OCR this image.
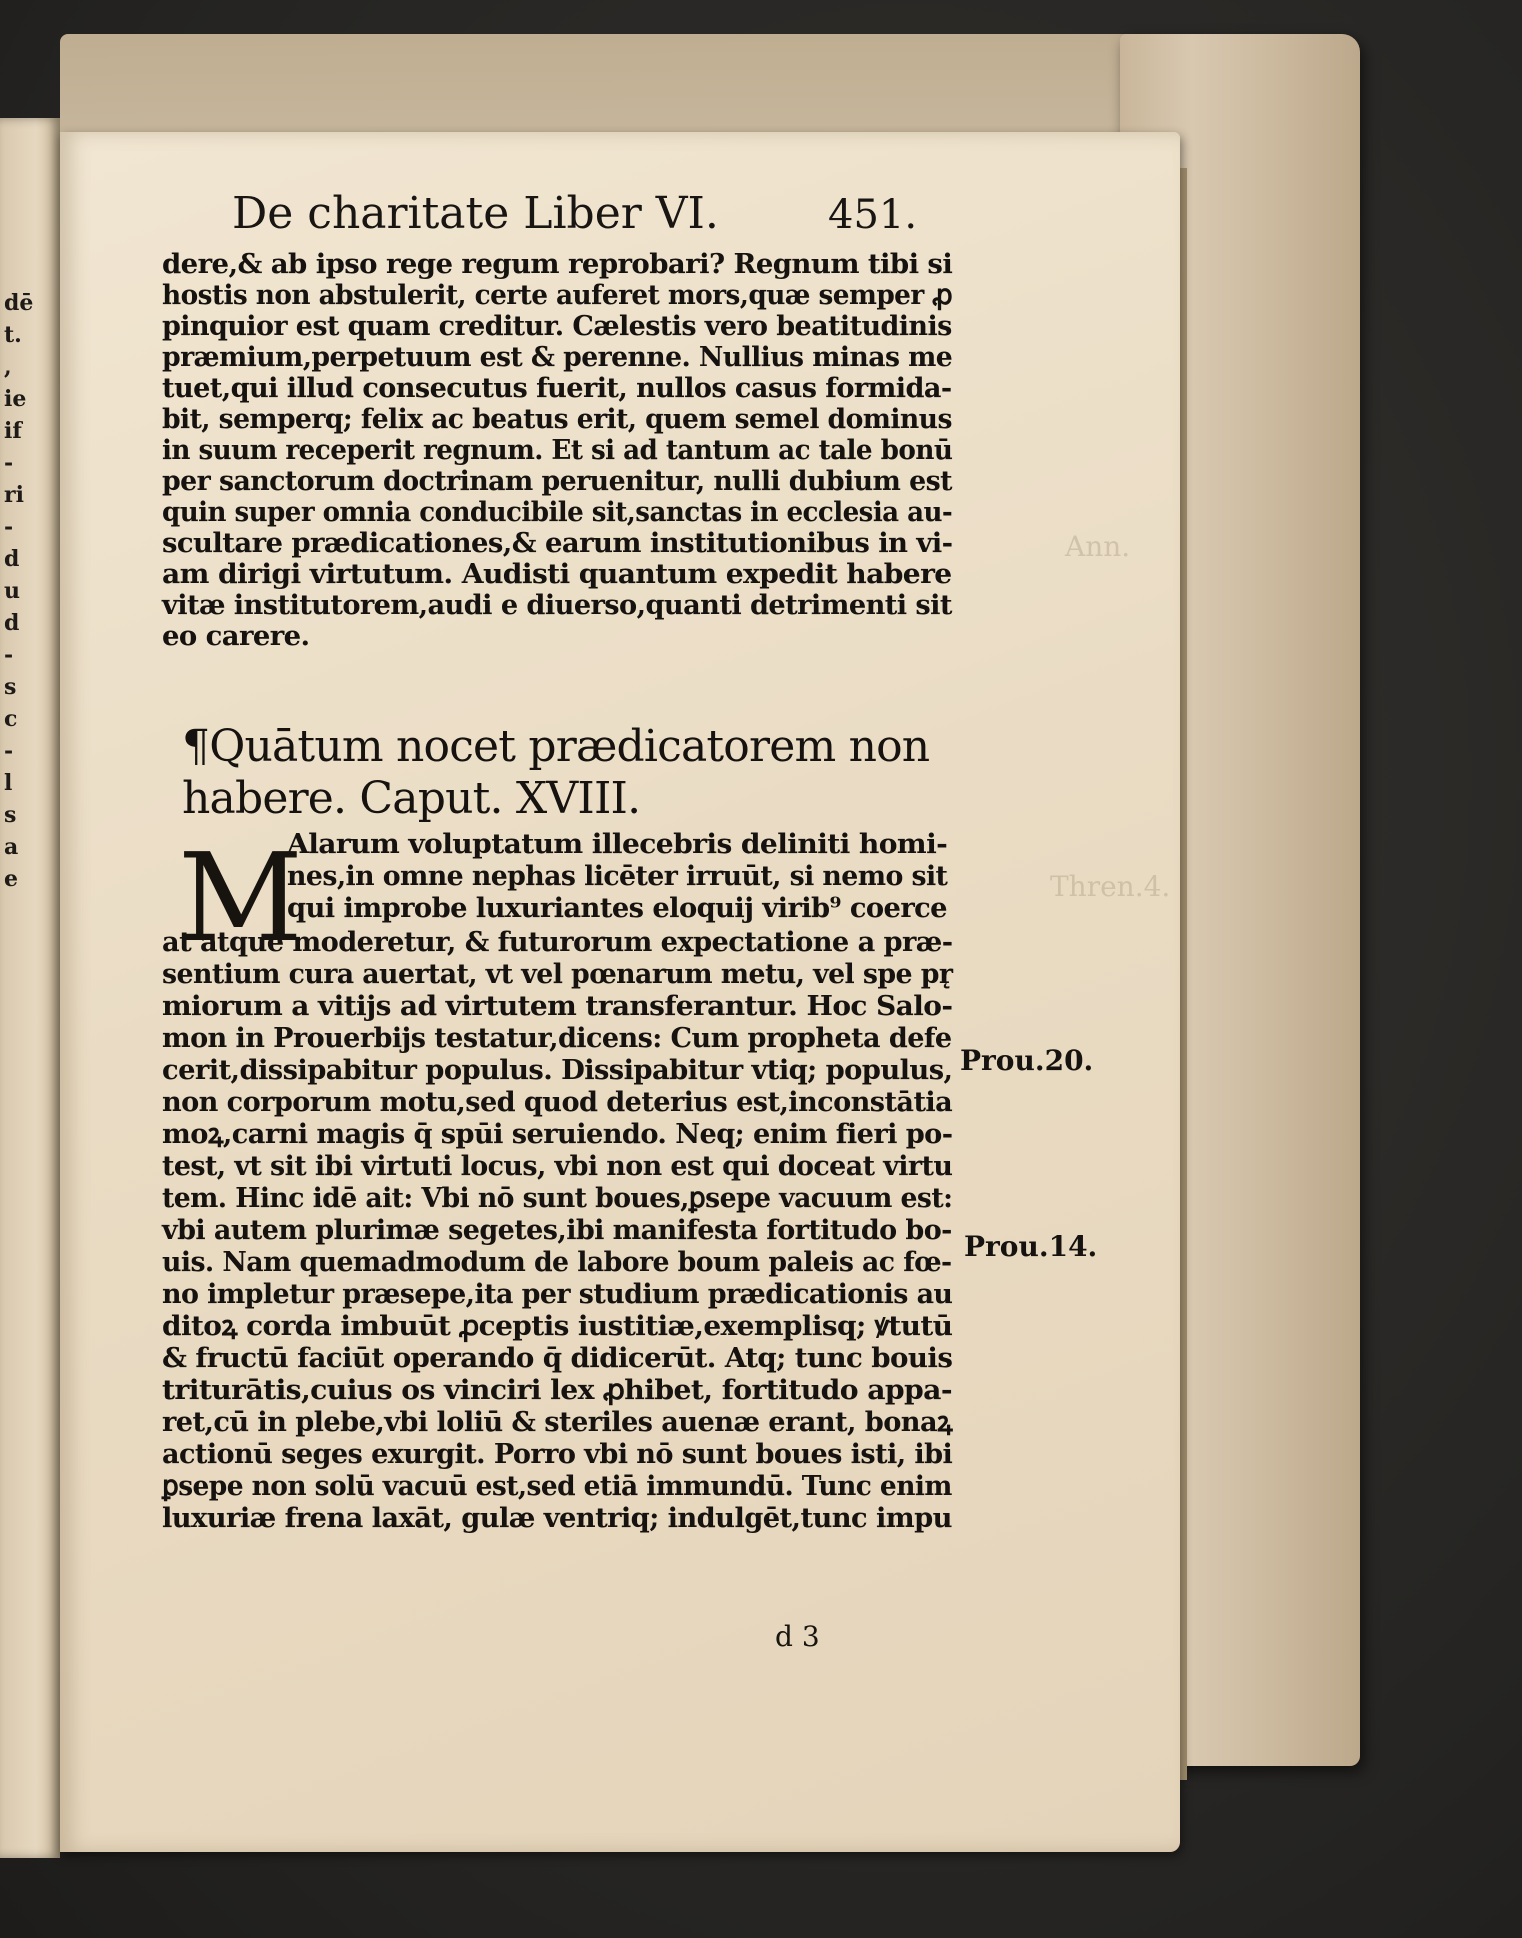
dē
t.
,
ie
if
-
ri
-
d
u
d
-
s
c
-
l
s
a
e
Ann.
Thren.4.
De charitate Liber VI.	451.
dere,& ab ipso rege regum reprobari? Regnum tibi si
hostis non abstulerit, certe auferet mors,quæ semper ꝓ
pinquior est quam creditur. Cælestis vero beatitudinis
præmium,perpetuum est & perenne. Nullius minas me
tuet,qui illud consecutus fuerit, nullos casus formida-
bit, semperq; felix ac beatus erit, quem semel dominus
in suum receperit regnum. Et si ad tantum ac tale bonū
per sanctorum doctrinam peruenitur, nulli dubium est
quin super omnia conducibile sit,sanctas in ecclesia au-
scultare prædicationes,& earum institutionibus in vi-
am dirigi virtutum. Audisti quantum expedit habere
vitæ institutorem,audi e diuerso,quanti detrimenti sit
eo carere.
¶Quātum nocet prædicatorem non
habere. Caput. XVIII.
Alarum voluptatum illecebris deliniti homi-
nes,in omne nephas licēter irruūt, si nemo sit
qui improbe luxuriantes eloquij virib⁹ coerce
at atque moderetur, & futurorum expectatione a præ-
sentium cura auertat, vt vel pœnarum metu, vel spe pr̨
miorum a vitijs ad virtutem transferantur. Hoc Salo-
mon in Prouerbijs testatur,dicens: Cum propheta defe
cerit,dissipabitur populus. Dissipabitur vtiq; populus,
non corporum motu,sed quod deterius est,inconstātia
moꝝ,carni magis q̄ spūi seruiendo. Neq; enim fieri po-
test, vt sit ibi virtuti locus, vbi non est qui doceat virtu
tem. Hinc idē ait: Vbi nō sunt boues,ꝑsepe vacuum est:
vbi autem plurimæ segetes,ibi manifesta fortitudo bo-
uis. Nam quemadmodum de labore boum paleis ac fœ-
no impletur præsepe,ita per studium prædicationis au
ditoꝝ corda imbuūt ꝓceptis iustitiæ,exemplisq; ꝟtutū
& fructū faciūt operando q̄ didicerūt. Atq; tunc bouis
triturātis,cuius os vinciri lex ꝓhibet, fortitudo appa-
ret,cū in plebe,vbi loliū & steriles auenæ erant, bonaꝝ
actionū seges exurgit. Porro vbi nō sunt boues isti, ibi
ꝑsepe non solū vacuū est,sed etiā immundū. Tunc enim
luxuriæ frena laxāt, gulæ ventriq; indulgēt,tunc impu
M
Prou.20.
Prou.14.
d 3
